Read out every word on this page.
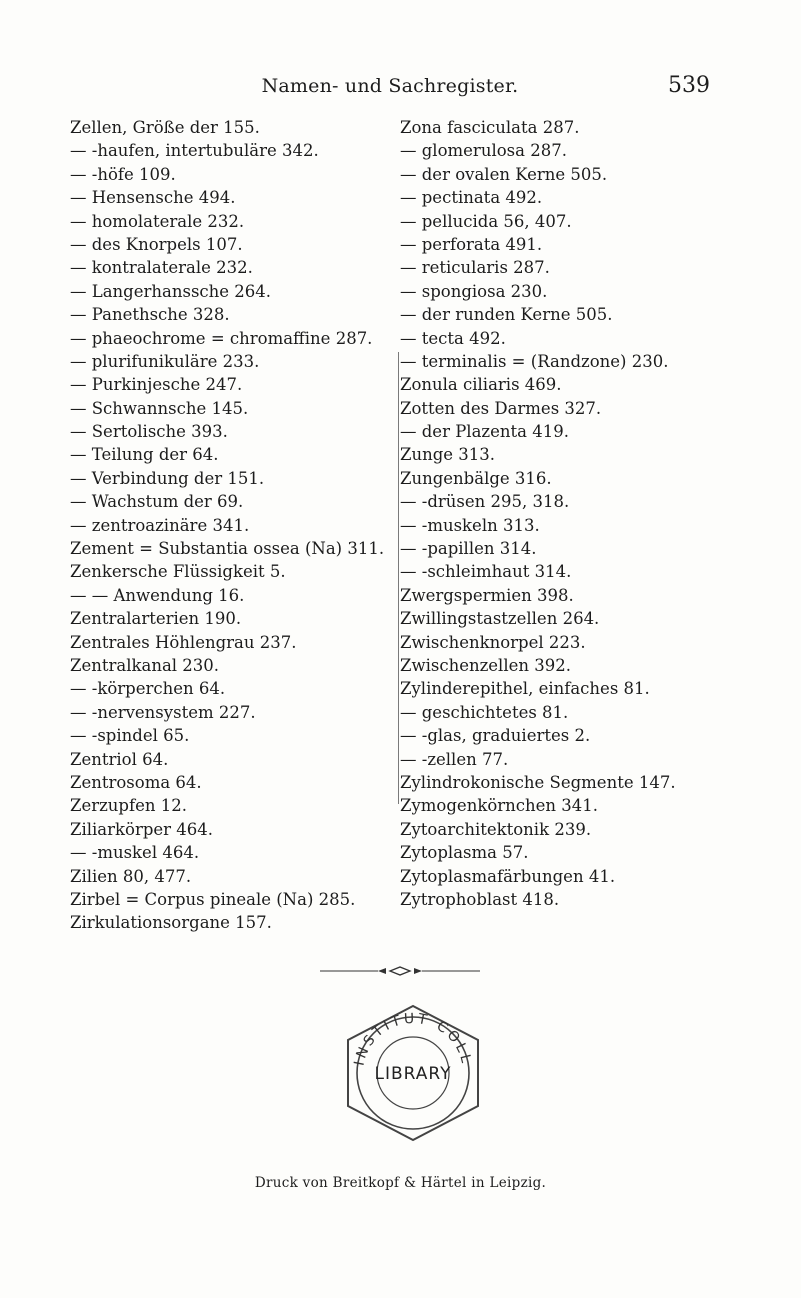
Namen- und Sachregister.	539
Zellen, Größe der 155.
— -haufen, intertubuläre 342.
— -höfe 109.
— Hensensche 494.
— homolaterale 232.
— des Knorpels 107.
— kontralaterale 232.
— Langerhanssche 264.
— Panethsche 328.
— phaeochrome = chromaffine 287.
— plurifunikuläre 233.
— Purkinjesche 247.
— Schwannsche 145.
— Sertolische 393.
— Teilung der 64.
— Verbindung der 151.
— Wachstum der 69.
— zentroazinäre 341.
Zement = Substantia ossea (Na) 311.
Zenkersche Flüssigkeit 5.
— — Anwendung 16.
Zentralarterien 190.
Zentrales Höhlengrau 237.
Zentralkanal 230.
— -körperchen 64.
— -nervensystem 227.
— -spindel 65.
Zentriol 64.
Zentrosoma 64.
Zerzupfen 12.
Ziliarkörper 464.
— -muskel 464.
Zilien 80, 477.
Zirbel = Corpus pineale (Na) 285.
Zirkulationsorgane 157.
Zona fasciculata 287.
— glomerulosa 287.
— der ovalen Kerne 505.
— pectinata 492.
— pellucida 56, 407.
— perforata 491.
— reticularis 287.
— spongiosa 230.
— der runden Kerne 505.
— tecta 492.
— terminalis = (Randzone) 230.
Zonula ciliaris 469.
Zotten des Darmes 327.
— der Plazenta 419.
Zunge 313.
Zungenbälge 316.
— -drüsen 295, 318.
— -muskeln 313.
— -papillen 314.
— -schleimhaut 314.
Zwergspermien 398.
Zwillingstastzellen 264.
Zwischenknorpel 223.
Zwischenzellen 392.
Zylinderepithel, einfaches 81.
— geschichtetes 81.
— -glas, graduiertes 2.
— -zellen 77.
Zylindrokonische Segmente 147.
Zymogenkörnchen 341.
Zytoarchitektonik 239.
Zytoplasma 57.
Zytoplasmafärbungen 41.
Zytrophoblast 418.
INSTITUT COLL
LIBRARY
Druck von Breitkopf & Härtel in Leipzig.
